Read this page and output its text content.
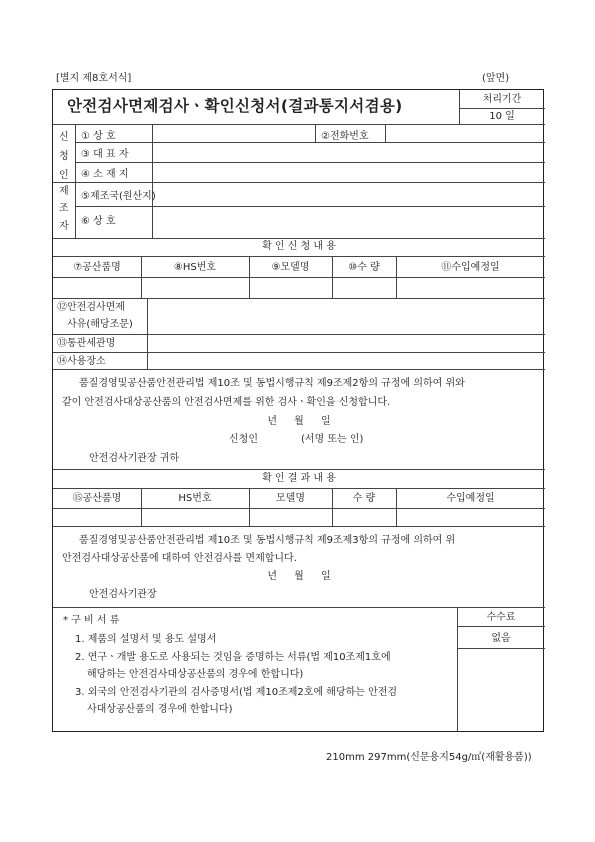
[별지 제8호서식]	(앞면)
안전검사면제검사ㆍ확인신청서(결과통지서겸용)	처리기간
10 일
신
청
인
① 상 호	②전화번호
③ 대 표 자
④ 소 재 지
제
조
자
⑤제조국(원산지)
⑥ 상 호
확 인 신 청 내 용
⑦공산품명	⑧HS번호	⑨모델명	⑩수 량	⑪수입예정일
⑫안전검사면제
사유(해당조문)
⑬통관세관명
⑭사용장소
품질경영및공산품안전관리법 제10조 및 동법시행규칙 제9조제2항의 규정에 의하여 위와
같이 안전검사대상공산품의 안전검사면제를 위한 검사ㆍ확인을 신청합니다.
년 월 일
신청인	(서명 또는 인)
안전검사기관장 귀하
확 인 결 과 내 용
⑮공산품명	HS번호	모델명	수 량	수입예정일
품질경영및공산품안전관리법 제10조 및 동법시행규칙 제9조제3항의 규정에 의하여 위
안전검사대상공산품에 대하여 안전검사를 면제합니다.
년 월 일
안전검사기관장
수수료
없음
* 구 비 서 류
1. 제품의 설명서 및 용도 설명서
2. 연구ㆍ개발 용도로 사용되는 것임을 증명하는 서류(법 제10조제1호에
해당하는 안전검사대상공산품의 경우에 한합니다)
3. 외국의 안전검사기관의 검사증명서(법 제10조제2호에 해당하는 안전검
사대상공산품의 경우에 한합니다)
210mm 297mm(신문용지54g/㎡(재활용품))
